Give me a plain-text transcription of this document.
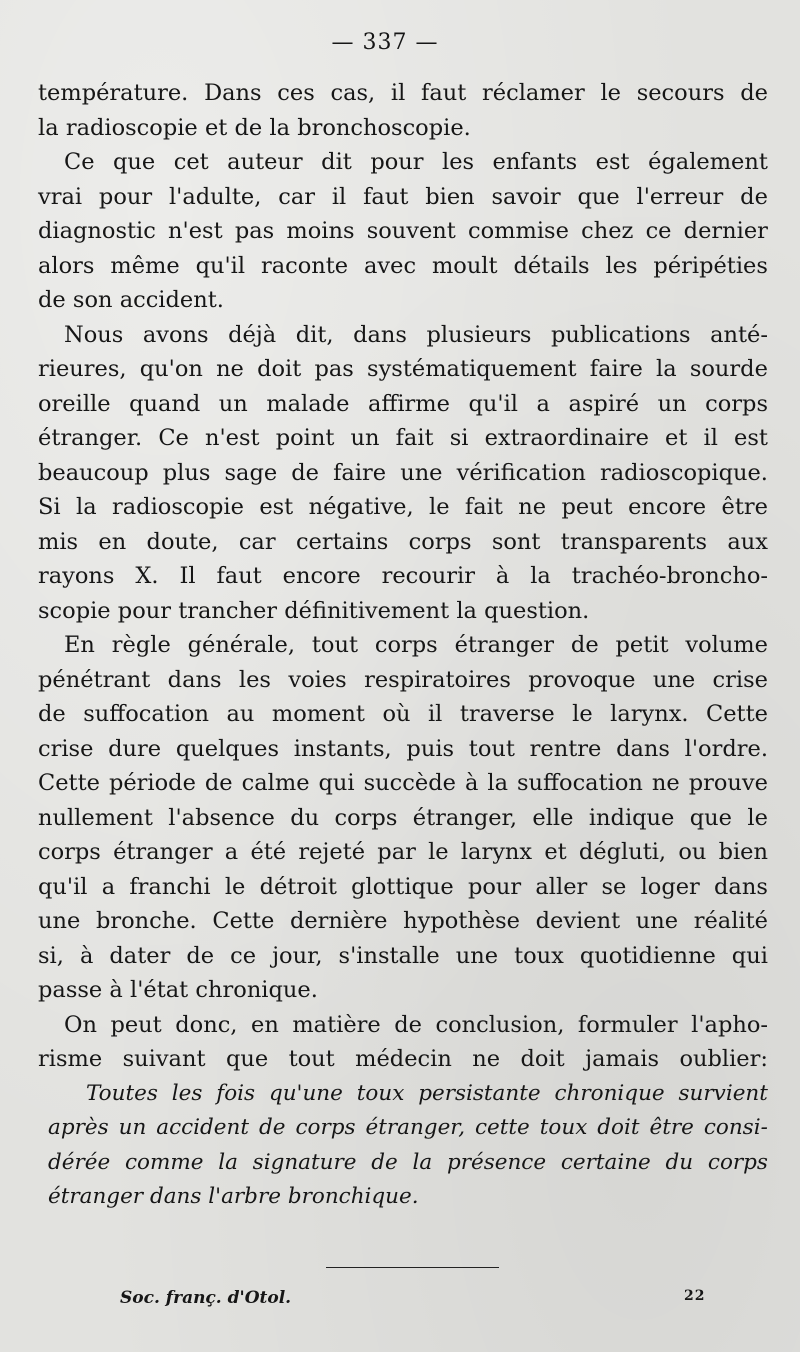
— 337 —
température. Dans ces cas, il faut réclamer le secours de
la radioscopie et de la bronchoscopie.
Ce que cet auteur dit pour les enfants est également
vrai pour l'adulte, car il faut bien savoir que l'erreur de
diagnostic n'est pas moins souvent commise chez ce dernier
alors même qu'il raconte avec moult détails les péripéties
de son accident.
Nous avons déjà dit, dans plusieurs publications anté-
rieures, qu'on ne doit pas systématiquement faire la sourde
oreille quand un malade affirme qu'il a aspiré un corps
étranger. Ce n'est point un fait si extraordinaire et il est
beaucoup plus sage de faire une vérification radioscopique.
Si la radioscopie est négative, le fait ne peut encore être
mis en doute, car certains corps sont transparents aux
rayons X. Il faut encore recourir à la trachéo-broncho-
scopie pour trancher définitivement la question.
En règle générale, tout corps étranger de petit volume
pénétrant dans les voies respiratoires provoque une crise
de suffocation au moment où il traverse le larynx. Cette
crise dure quelques instants, puis tout rentre dans l'ordre.
Cette période de calme qui succède à la suffocation ne prouve
nullement l'absence du corps étranger, elle indique que le
corps étranger a été rejeté par le larynx et dégluti, ou bien
qu'il a franchi le détroit glottique pour aller se loger dans
une bronche. Cette dernière hypothèse devient une réalité
si, à dater de ce jour, s'installe une toux quotidienne qui
passe à l'état chronique.
On peut donc, en matière de conclusion, formuler l'apho-
risme suivant que tout médecin ne doit jamais oublier:
Toutes les fois qu'une toux persistante chronique survient
après un accident de corps étranger, cette toux doit être consi-
dérée comme la signature de la présence certaine du corps
étranger dans l'arbre bronchique.
Soc. franç. d'Otol.	22
